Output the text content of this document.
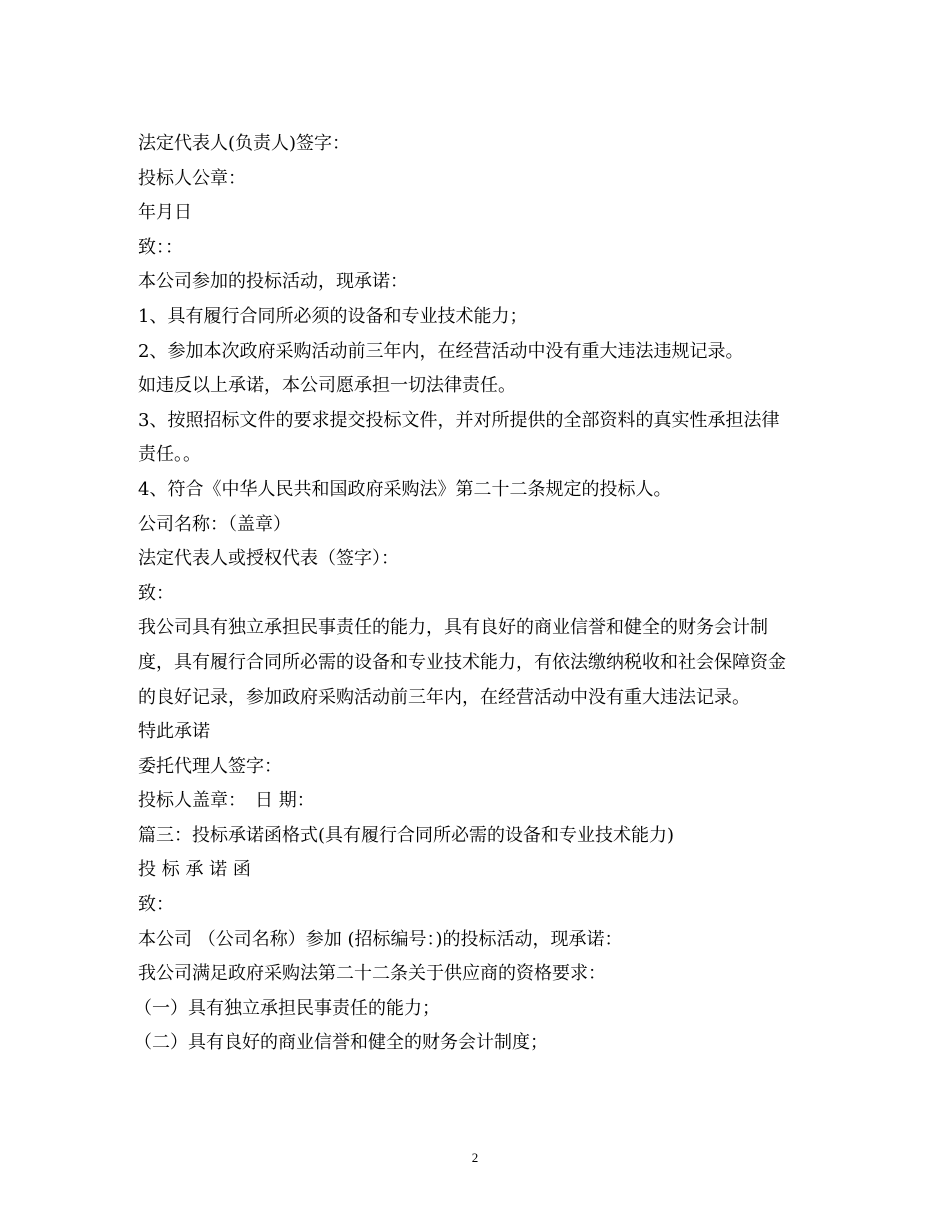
法定代表人(负责人)签字：
投标人公章：
年月日
致：：
本公司参加的投标活动，现承诺：
1、具有履行合同所必须的设备和专业技术能力；
2、参加本次政府采购活动前三年内，在经营活动中没有重大违法违规记录。
如违反以上承诺，本公司愿承担一切法律责任。
3、按照招标文件的要求提交投标文件，并对所提供的全部资料的真实性承担法律
责任。。
4、符合《中华人民共和国政府采购法》第二十二条规定的投标人。
公司名称：（盖章）
法定代表人或授权代表（签字）：
致：
我公司具有独立承担民事责任的能力，具有良好的商业信誉和健全的财务会计制
度，具有履行合同所必需的设备和专业技术能力，有依法缴纳税收和社会保障资金
的良好记录，参加政府采购活动前三年内，在经营活动中没有重大违法记录。
特此承诺
委托代理人签字：
投标人盖章：　日 期：
篇三：投标承诺函格式(具有履行合同所必需的设备和专业技术能力)
投 标 承 诺 函
致：
本公司 （公司名称）参加 (招标编号：)的投标活动，现承诺：
我公司满足政府采购法第二十二条关于供应商的资格要求：
（一）具有独立承担民事责任的能力；
（二）具有良好的商业信誉和健全的财务会计制度；
2
